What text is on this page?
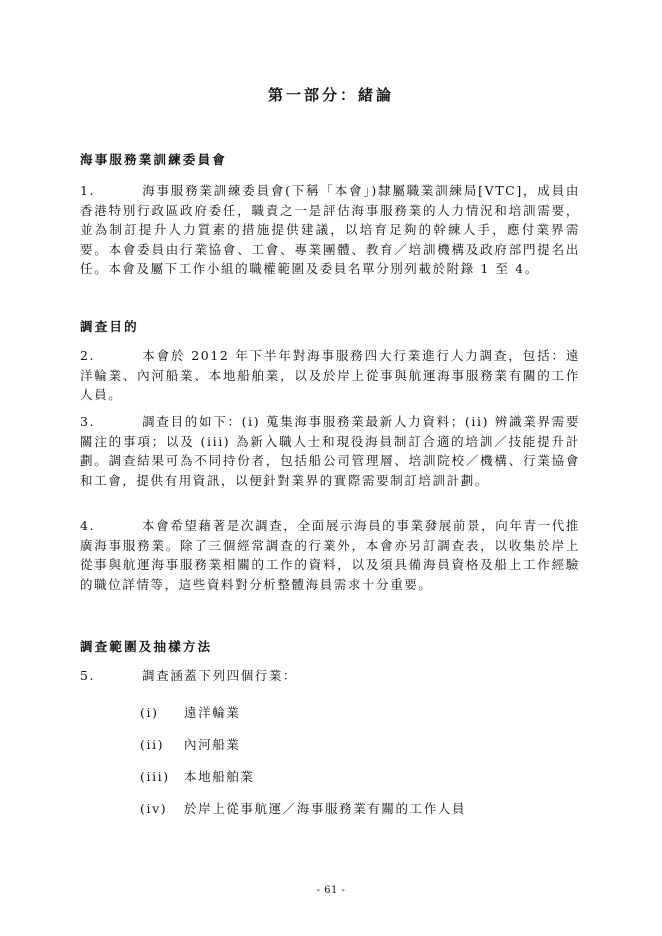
第一部分：緒論
海事服務業訓練委員會
1.	海事服務業訓練委員會(下稱「本會」)隸屬職業訓練局[VTC]，成員由香港特別行政區政府委任，職責之一是評估海事服務業的人力情況和培訓需要，並為制訂提升人力質素的措施提供建議，以培育足夠的幹練人手，應付業界需要。本會委員由行業協會、工會、專業團體、教育／培訓機構及政府部門提名出任。本會及屬下工作小組的職權範圍及委員名單分別列載於附錄 1 至 4。
調查目的
2.	本會於 2012 年下半年對海事服務四大行業進行人力調查，包括：遠洋輪業、內河船業、本地船舶業，以及於岸上從事與航運海事服務業有關的工作人員。
3.	調查目的如下：(i) 蒐集海事服務業最新人力資料；(ii) 辨識業界需要關注的事項；以及 (iii) 為新入職人士和現役海員制訂合適的培訓／技能提升計劃。調查結果可為不同持份者，包括船公司管理層、培訓院校／機構、行業協會和工會，提供有用資訊，以便針對業界的實際需要制訂培訓計劃。
4.	本會希望藉著是次調查，全面展示海員的事業發展前景，向年青一代推廣海事服務業。除了三個經常調查的行業外，本會亦另訂調查表，以收集於岸上從事與航運海事服務業相關的工作的資料，以及須具備海員資格及船上工作經驗的職位詳情等，這些資料對分析整體海員需求十分重要。
調查範圍及抽樣方法
5.	調查涵蓋下列四個行業：
(i) 遠洋輪業
(ii) 內河船業
(iii) 本地船舶業
(iv) 於岸上從事航運／海事服務業有關的工作人員
- 61 -
